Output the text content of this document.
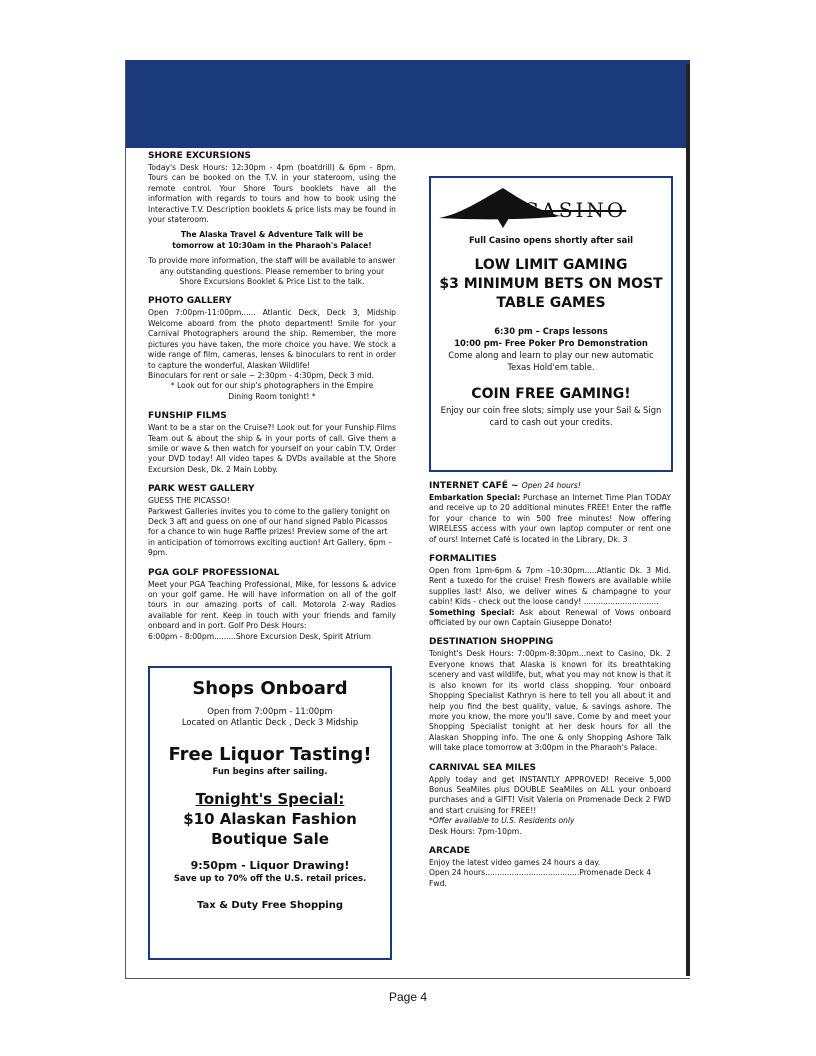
SHORE EXCURSIONS

Today's Desk Hours: 12:30pm - 4pm (boatdrill) & 6pm - 8pm. Tours can be booked on the T.V. in your stateroom, using the remote control. Your Shore Tours booklets have all the information with regards to tours and how to book using the Interactive T.V. Description booklets & price lists may be found in your stateroom.

The Alaska Travel & Adventure Talk will be tomorrow at 10:30am in the Pharaoh's Palace!

To provide more information, the staff will be available to answer any outstanding questions. Please remember to bring your Shore Excursions Booklet & Price List to the talk.

PHOTO GALLERY

Open 7:00pm-11:00pm...... Atlantic Deck, Deck 3, Midship Welcome aboard from the photo department! Smile for your Carnival Photographers around the ship. Remember, the more pictures you have taken, the more choice you have. We stock a wide range of film, cameras, lenses & binoculars to rent in order to capture the wonderful, Alaskan Wildlife!

Binoculars for rent or sale ~ 2:30pm - 4:30pm, Deck 3 mid.

* Look out for our ship's photographers in the Empire Dining Room tonight! *

FUNSHIP FILMS

Want to be a star on the Cruise?! Look out for your Funship Films Team out & about the ship & in your ports of call. Give them a smile or wave & then watch for yourself on your cabin T.V. Order your DVD today! All video tapes & DVDs available at the Shore Excursion Desk, Dk. 2 Main Lobby.

PARK WEST GALLERY

GUESS THE PICASSO!

Parkwest Galleries invites you to come to the gallery tonight on Deck 3 aft and guess on one of our hand signed Pablo Picassos for a chance to win huge Raffle prizes! Preview some of the art in anticipation of tomorrows exciting auction! Art Gallery, 6pm – 9pm.

PGA GOLF PROFESSIONAL

Meet your PGA Teaching Professional, Mike, for lessons & advice on your golf game. He will have information on all of the golf tours in our amazing ports of call. Motorola 2-way Radios available for rent. Keep in touch with your friends and family onboard and in port. Golf Pro Desk Hours:

6:00pm - 8:00pm.........Shore Excursion Desk, Spirit Atrium

Shops Onboard
Open from 7:00pm - 11:00pm
Located on Atlantic Deck , Deck 3 Midship
Free Liquor Tasting!
Fun begins after sailing.
Tonight's Special:
$10 Alaskan Fashion
Boutique Sale
9:50pm - Liquor Drawing!
Save up to 70% off the U.S. retail prices.
Tax & Duty Free Shopping
CASINO
Full Casino opens shortly after sail
LOW LIMIT GAMING
$3 MINIMUM BETS ON MOST
TABLE GAMES
6:30 pm – Craps lessons
10:00 pm- Free Poker Pro Demonstration
Come along and learn to play our new automatic Texas Hold'em table.
COIN FREE GAMING!
Enjoy our coin free slots; simply use your Sail & Sign card to cash out your credits.
INTERNET CAFÉ ~ Open 24 hours!

Embarkation Special: Purchase an Internet Time Plan TODAY and receive up to 20 additional minutes FREE! Enter the raffle for your chance to win 500 free minutes! Now offering WIRELESS access with your own laptop computer or rent one of ours! Internet Café is located in the Library, Dk. 3

FORMALITIES

Open from 1pm-6pm & 7pm –10:30pm.....Atlantic Dk. 3 Mid. Rent a tuxedo for the cruise! Fresh flowers are available while supplies last! Also, we deliver wines & champagne to your cabin! Kids - check out the loose candy! ...............................

Something Special: Ask about Renewal of Vows onboard officiated by our own Captain Giuseppe Donato!

DESTINATION SHOPPING

Tonight's Desk Hours: 7:00pm-8:30pm...next to Casino, Dk. 2 Everyone knows that Alaska is known for its breathtaking scenery and vast wildlife, but, what you may not know is that it is also known for its world class shopping. Your onboard Shopping Specialist Kathryn is here to tell you all about it and help you find the best quality, value, & savings ashore. The more you know, the more you'll save. Come by and meet your Shopping Specialist tonight at her desk hours for all the Alaskan Shopping info. The one & only Shopping Ashore Talk will take place tomorrow at 3:00pm in the Pharaoh's Palace.

CARNIVAL SEA MILES

Apply today and get INSTANTLY APPROVED! Receive 5,000 Bonus SeaMiles plus DOUBLE SeaMiles on ALL your onboard purchases and a GIFT! Visit Valeria on Promenade Deck 2 FWD and start cruising for FREE!!

*Offer available to U.S. Residents only

Desk Hours: 7pm-10pm.

ARCADE

Enjoy the latest video games 24 hours a day.

Open 24 hours.......................................Promenade Deck 4 Fwd.

Page 4
